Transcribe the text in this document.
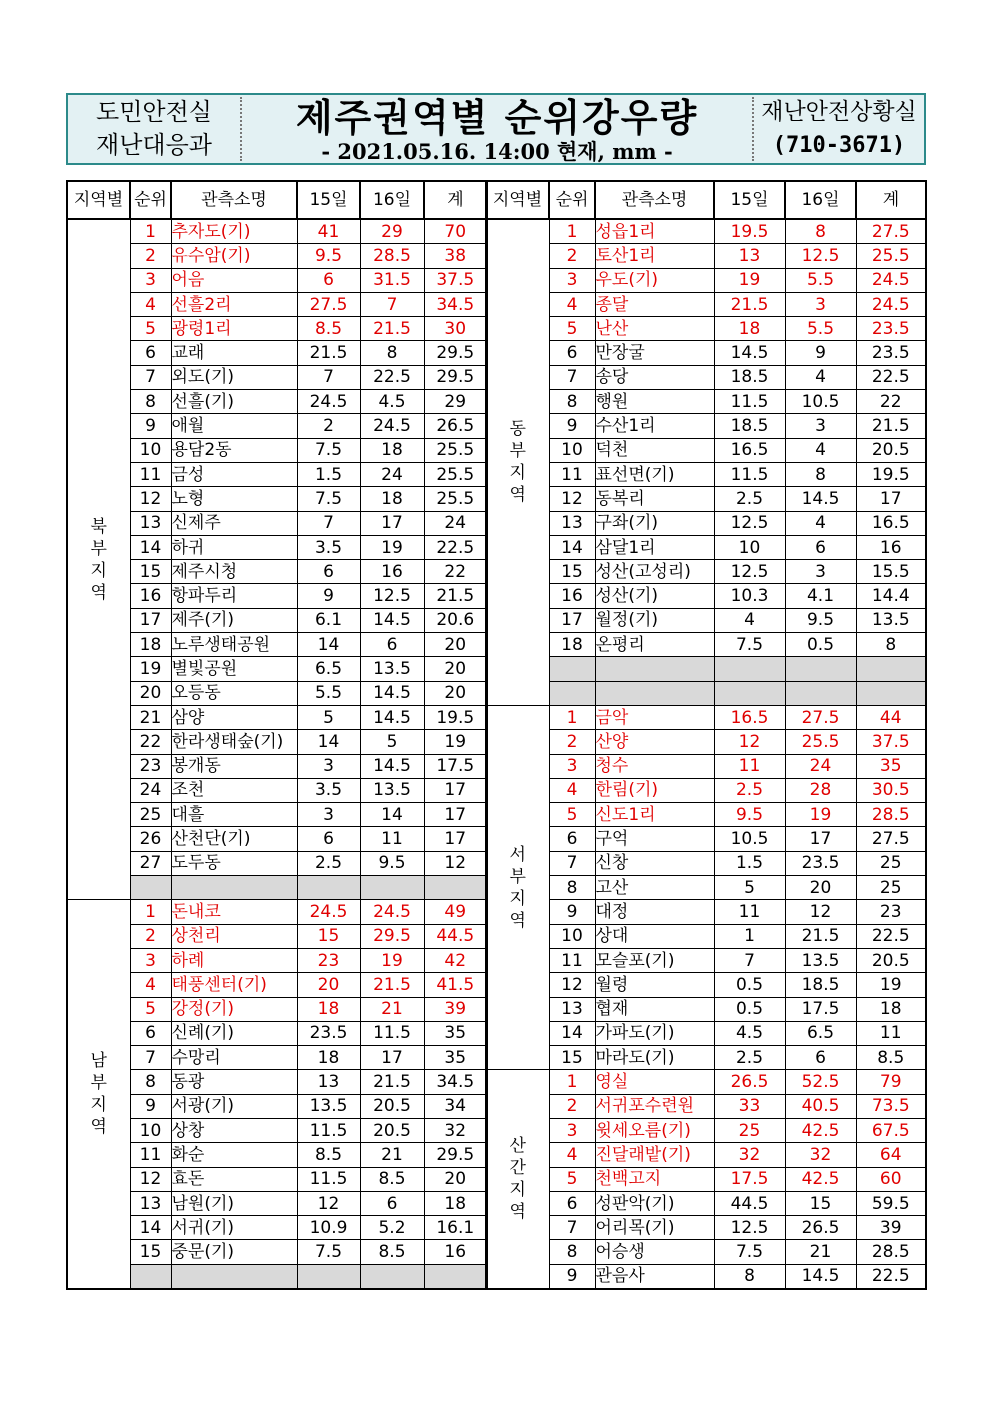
도민안전실
재난대응과
제주권역별 순위강우량
- 2021.05.16. 14:00 현재, mm -
재난안전상황실
(710-3671)
지역별	순위	관측소명	15일	16일	계

북
부
지
역	1	추자도(기)	41	29	70
	2	유수암(기)	9.5	28.5	38
	3	어음	6	31.5	37.5
	4	선흘2리	27.5	7	34.5
	5	광령1리	8.5	21.5	30
	6	교래	21.5	8	29.5
	7	외도(기)	7	22.5	29.5
	8	선흘(기)	24.5	4.5	29
	9	애월	2	24.5	26.5
	10	용담2동	7.5	18	25.5
	11	금성	1.5	24	25.5
	12	노형	7.5	18	25.5
	13	신제주	7	17	24
	14	하귀	3.5	19	22.5
	15	제주시청	6	16	22
	16	항파두리	9	12.5	21.5
	17	제주(기)	6.1	14.5	20.6
	18	노루생태공원	14	6	20
	19	별빛공원	6.5	13.5	20
	20	오등동	5.5	14.5	20
	21	삼양	5	14.5	19.5
	22	한라생태숲(기)	14	5	19
	23	봉개동	3	14.5	17.5
	24	조천	3.5	13.5	17
	25	대흘	3	14	17
	26	산천단(기)	6	11	17
	27	도두동	2.5	9.5	12

남
부
지
역	1	돈내코	24.5	24.5	49
	2	상천리	15	29.5	44.5
	3	하례	23	19	42
	4	태풍센터(기)	20	21.5	41.5
	5	강정(기)	18	21	39
	6	신례(기)	23.5	11.5	35
	7	수망리	18	17	35
	8	동광	13	21.5	34.5
	9	서광(기)	13.5	20.5	34
	10	상창	11.5	20.5	32
	11	화순	8.5	21	29.5
	12	효돈	11.5	8.5	20
	13	남원(기)	12	6	18
	14	서귀(기)	10.9	5.2	16.1
	15	중문(기)	7.5	8.5	16

지역별	순위	관측소명	15일	16일	계

동
부
지
역	1	성읍1리	19.5	8	27.5
	2	토산1리	13	12.5	25.5
	3	우도(기)	19	5.5	24.5
	4	종달	21.5	3	24.5
	5	난산	18	5.5	23.5
	6	만장굴	14.5	9	23.5
	7	송당	18.5	4	22.5
	8	행원	11.5	10.5	22
	9	수산1리	18.5	3	21.5
	10	덕천	16.5	4	20.5
	11	표선면(기)	11.5	8	19.5
	12	동복리	2.5	14.5	17
	13	구좌(기)	12.5	4	16.5
	14	삼달1리	10	6	16
	15	성산(고성리)	12.5	3	15.5
	16	성산(기)	10.3	4.1	14.4
	17	월정(기)	4	9.5	13.5
	18	온평리	7.5	0.5	8

서
부
지
역	1	금악	16.5	27.5	44
	2	산양	12	25.5	37.5
	3	청수	11	24	35
	4	한림(기)	2.5	28	30.5
	5	신도1리	9.5	19	28.5
	6	구억	10.5	17	27.5
	7	신창	1.5	23.5	25
	8	고산	5	20	25
	9	대정	11	12	23
	10	상대	1	21.5	22.5
	11	모슬포(기)	7	13.5	20.5
	12	월령	0.5	18.5	19
	13	협재	0.5	17.5	18
	14	가파도(기)	4.5	6.5	11
	15	마라도(기)	2.5	6	8.5

산
간
지
역	1	영실	26.5	52.5	79
	2	서귀포수련원	33	40.5	73.5
	3	윗세오름(기)	25	42.5	67.5
	4	진달래밭(기)	32	32	64
	5	천백고지	17.5	42.5	60
	6	성판악(기)	44.5	15	59.5
	7	어리목(기)	12.5	26.5	39
	8	어승생	7.5	21	28.5
	9	관음사	8	14.5	22.5
